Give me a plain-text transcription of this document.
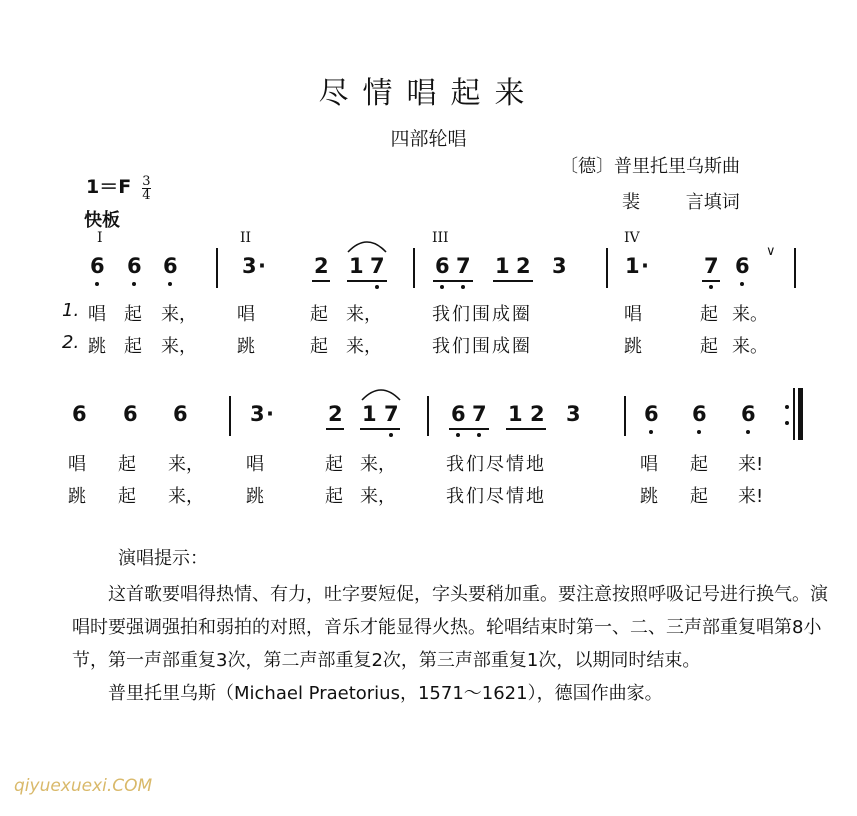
尽情唱起来
四部轮唱
〔德〕普里托里乌斯曲
裴        言填词
$1=F \frac{3}{4}$
快板
I	II	III	IV
6 6 6	3 · 2 1 7 6 7 1 2 3	1 ·	7 6
∨
1. 唱 起 来， 唱	起 来，	我们围成圈	唱	起 来。
2. 跳 起 来， 跳	起 来，	我们围成圈	跳	起 来。
6 6 6	3 ·	2 1 7 6 7 1 2 3	6 6 6
唱 起 来， 唱	起 来，	我们尽情地	唱 起 来!
跳 起 来， 跳	起 来，	我们尽情地	跳 起 来!
演唱提示：

这首歌要唱得热情、有力，吐字要短促，字头要稍加重。要注意按照呼吸记号进行换气。演唱时要强调强拍和弱拍的对照，音乐才能显得火热。轮唱结束时第一、二、三声部重复唱第8小节，第一声部重复3次，第二声部重复2次，第三声部重复1次，以期同时结束。

普里托里乌斯（Michael Praetorius，1571～1621），德国作曲家。

qiyuexuexi.COM
